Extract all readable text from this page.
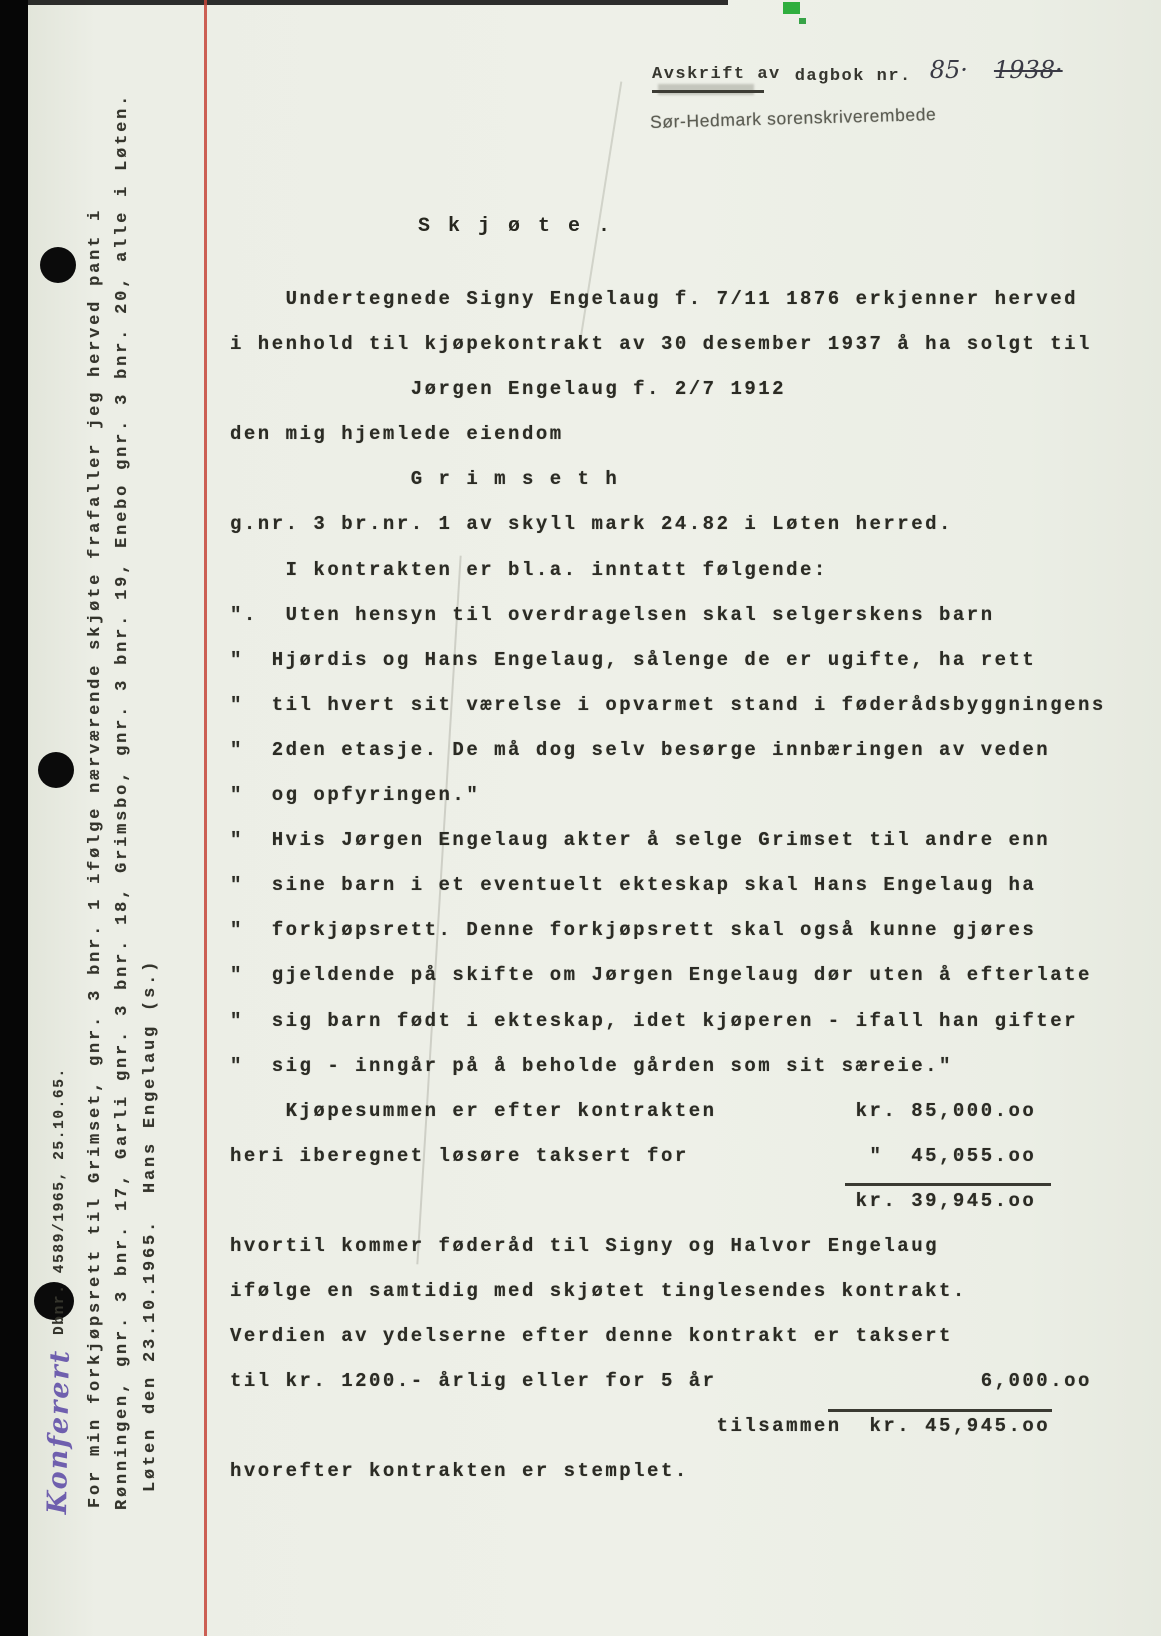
Avskrift av dagbok nr. 85· 1938·
Sør-Hedmark sorenskriverembede
S k j ø t e .
Undertegnede Signy Engelaug f. 7/11 1876 erkjenner herved
i henhold til kjøpekontrakt av 30 desember 1937 å ha solgt til
Jørgen Engelaug f. 2/7 1912
den mig hjemlede eiendom
G r i m s e t h
g.nr. 3 br.nr. 1 av skyll mark 24.82 i Løten herred.
I kontrakten er bl.a. inntatt følgende:
".  Uten hensyn til overdragelsen skal selgerskens barn
"  Hjørdis og Hans Engelaug, sålenge de er ugifte, ha rett
"  til hvert sit værelse i opvarmet stand i føderådsbyggningens
"  2den etasje. De må dog selv besørge innbæringen av veden
"  og opfyringen."
"  Hvis Jørgen Engelaug akter å selge Grimset til andre enn
"  sine barn i et eventuelt ekteskap skal Hans Engelaug ha
"  forkjøpsrett. Denne forkjøpsrett skal også kunne gjøres
"  gjeldende på skifte om Jørgen Engelaug dør uten å efterlate
"  sig barn født i ekteskap, idet kjøperen - ifall han gifter
"  sig - inngår på å beholde gården som sit særeie."
Kjøpesummen er efter kontrakten          kr. 85,000.oo
heri iberegnet løsøre taksert for             "  45,055.oo
kr. 39,945.oo
hvortil kommer føderåd til Signy og Halvor Engelaug
ifølge en samtidig med skjøtet tinglesendes kontrakt.
Verdien av ydelserne efter denne kontrakt er taksert
til kr. 1200.- årlig eller for 5 år                   6,000.oo
tilsammen  kr. 45,945.oo
hvorefter kontrakten er stemplet.
Dbnr. 4589/1965, 25.10.65. For min forkjøpsrett til Grimset, gnr. 3 bnr. 1 ifølge nærværende skjøte frafaller jeg herved pant i Rønningen, gnr. 3 bnr. 17, Garli gnr. 3 bnr. 18, Grimsbo, gnr. 3 bnr. 19, Enebo gnr. 3 bnr. 20, alle i Løten. Løten den 23.10.1965.  Hans Engelaug (s.)
Konferert
